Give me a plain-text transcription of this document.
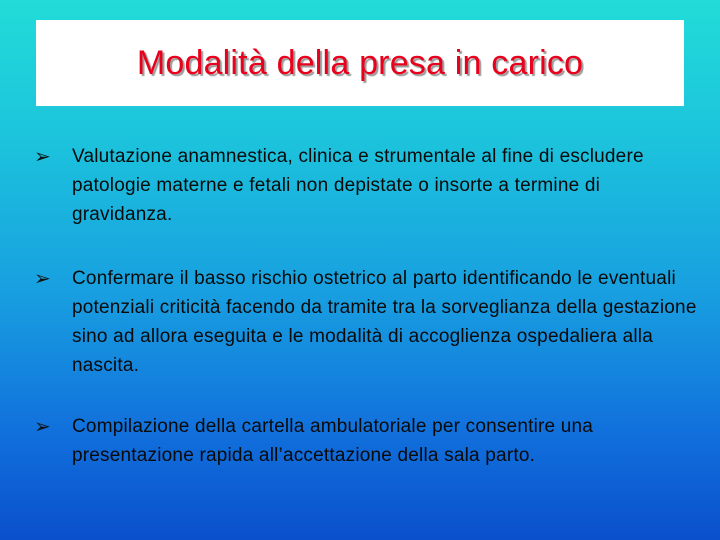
Modalità della presa in carico
➢	Valutazione anamnestica, clinica e strumentale al fine di escludere patologie materne e fetali non depistate o insorte a termine di gravidanza.
➢	Confermare il basso rischio ostetrico al parto identificando le eventuali potenziali criticità facendo da tramite tra la sorveglianza della gestazione sino ad allora eseguita e le modalità di accoglienza ospedaliera alla nascita.
➢	Compilazione della cartella ambulatoriale per consentire una presentazione rapida all’accettazione della sala parto.
